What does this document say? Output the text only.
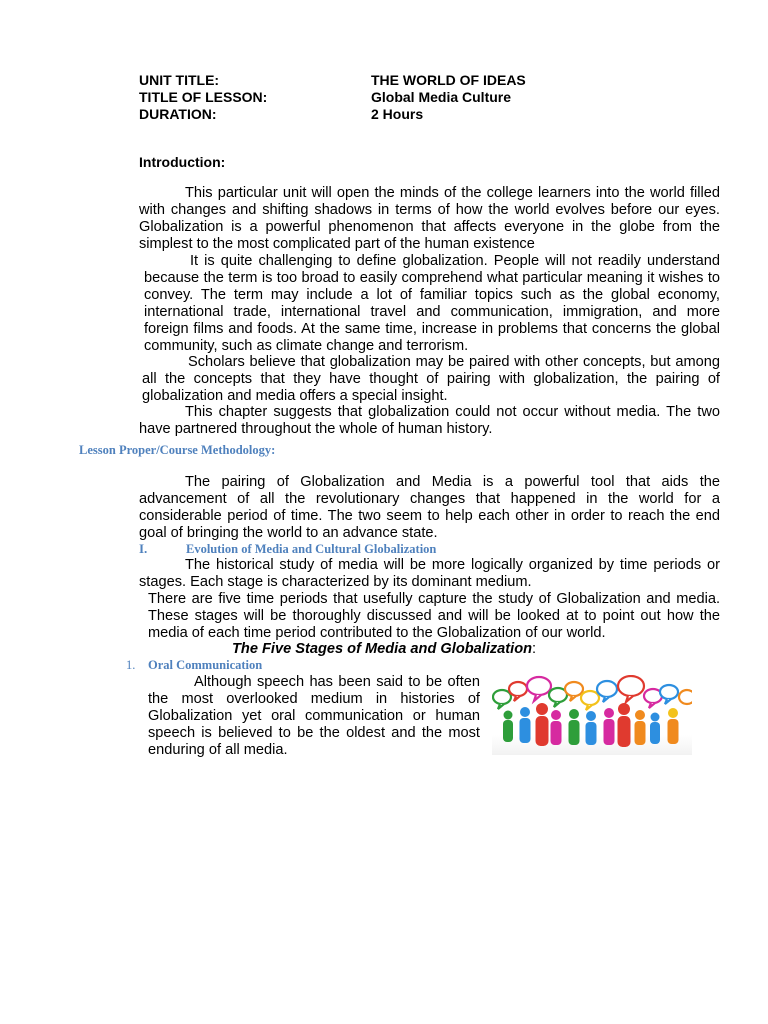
UNIT TITLE:	THE WORLD OF IDEAS
TITLE OF LESSON:	Global Media Culture
DURATION:	2 Hours
Introduction:

This particular unit will open the minds of the college learners into the world filled with changes and shifting shadows in terms of how the world evolves before our eyes. Globalization is a powerful phenomenon that affects everyone in the globe from the simplest to the most complicated part of the human existence

It is quite challenging to define globalization. People will not readily understand because the term is too broad to easily comprehend what particular meaning it wishes to convey. The term may include a lot of familiar topics such as the global economy, international trade, international travel and communication, immigration, and more foreign films and foods. At the same time, increase in problems that concerns the global community, such as climate change and terrorism.

Scholars believe that globalization may be paired with other concepts, but among all the concepts that they have thought of pairing with globalization, the pairing of globalization and media offers a special insight.

This chapter suggests that globalization could not occur without media. The two have partnered throughout the whole of human history.

Lesson Proper/Course Methodology:

The pairing of Globalization and Media is a powerful tool that aids the advancement of all the revolutionary changes that happened in the world for a considerable period of time. The two seem to help each other in order to reach the end goal of bringing the world to an advance state.

I.	Evolution of Media and Cultural Globalization

The historical study of media will be more logically organized by time periods or stages. Each stage is characterized by its dominant medium.

There are five time periods that usefully capture the study of Globalization and media. These stages will be thoroughly discussed and will be looked at to point out how the media of each time period contributed to the Globalization of our world.

The Five Stages of Media and Globalization:
1. Oral Communication

Although speech has been said to be often the most overlooked medium in histories of Globalization yet oral communication or human speech is believed to be the oldest and the most enduring of all media.
